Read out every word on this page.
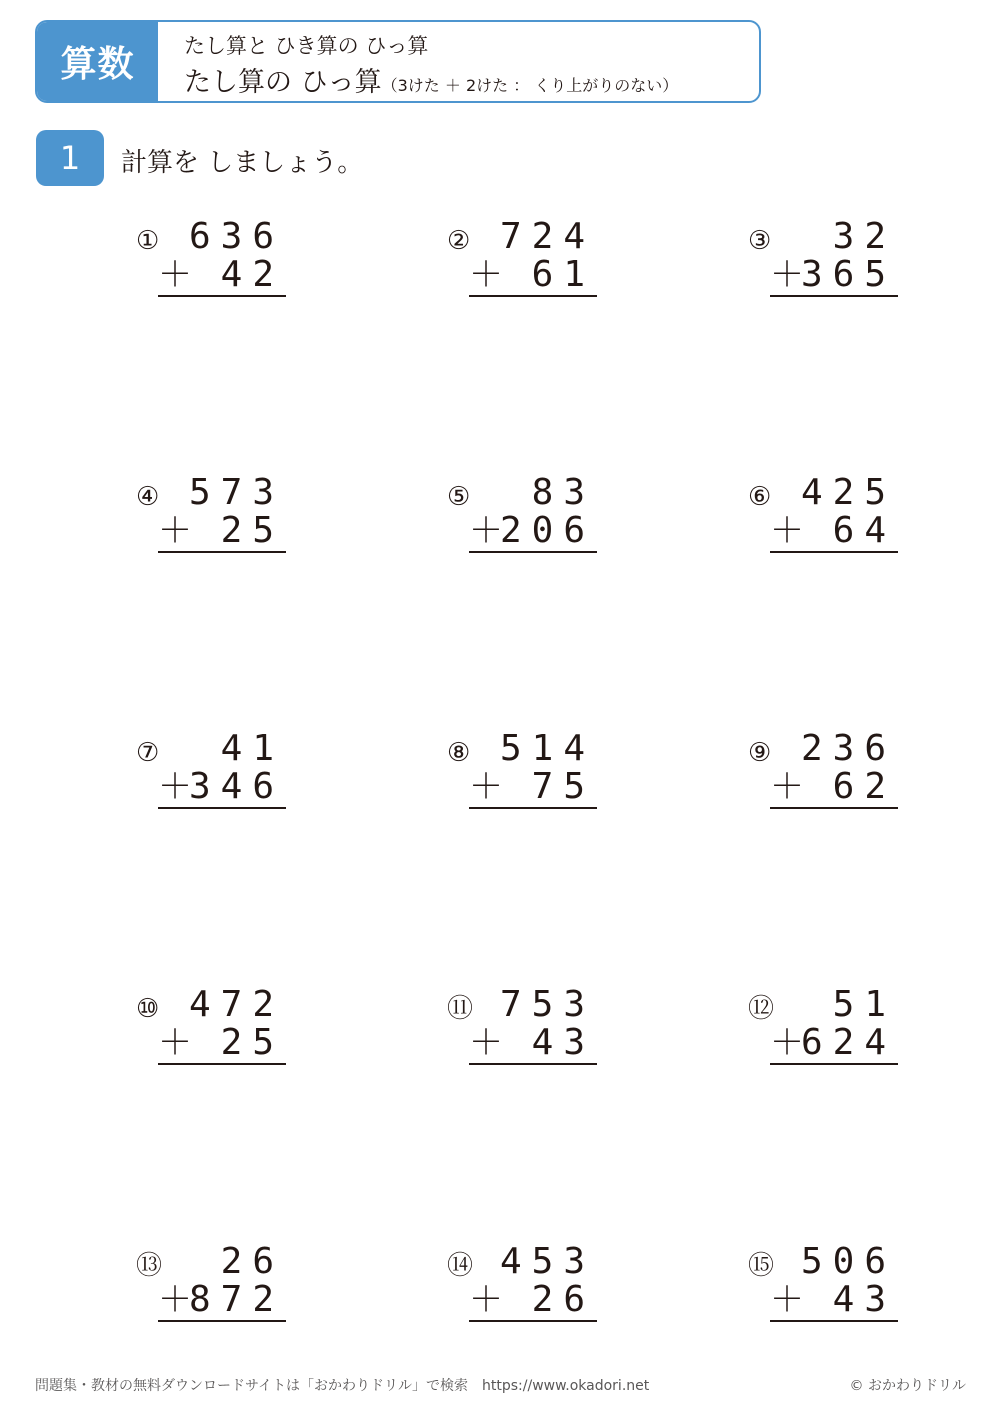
算数	たし算と ひき算の ひっ算
たし算の ひっ算（3けた ＋ 2けた ： くり上がりのない）
1	計算を しましょう。
① 636
＋ 42
② 724
＋ 61
③ 32
＋
365
④ 573
＋ 25
⑤ 83
＋
206
⑥ 425
＋ 64
⑦ 41
＋
346
⑧ 514
＋ 75
⑨ 236
＋ 62
⑩ 472
＋ 25
⑪ 753
＋ 43
⑫ 51
＋
624
⑬ 26
＋
872
⑭ 453
＋ 26
⑮ 506
＋ 43
問題集・教材の無料ダウンロードサイトは「おかわりドリル」で検索　https://www.okadori.net	© おかわりドリル
